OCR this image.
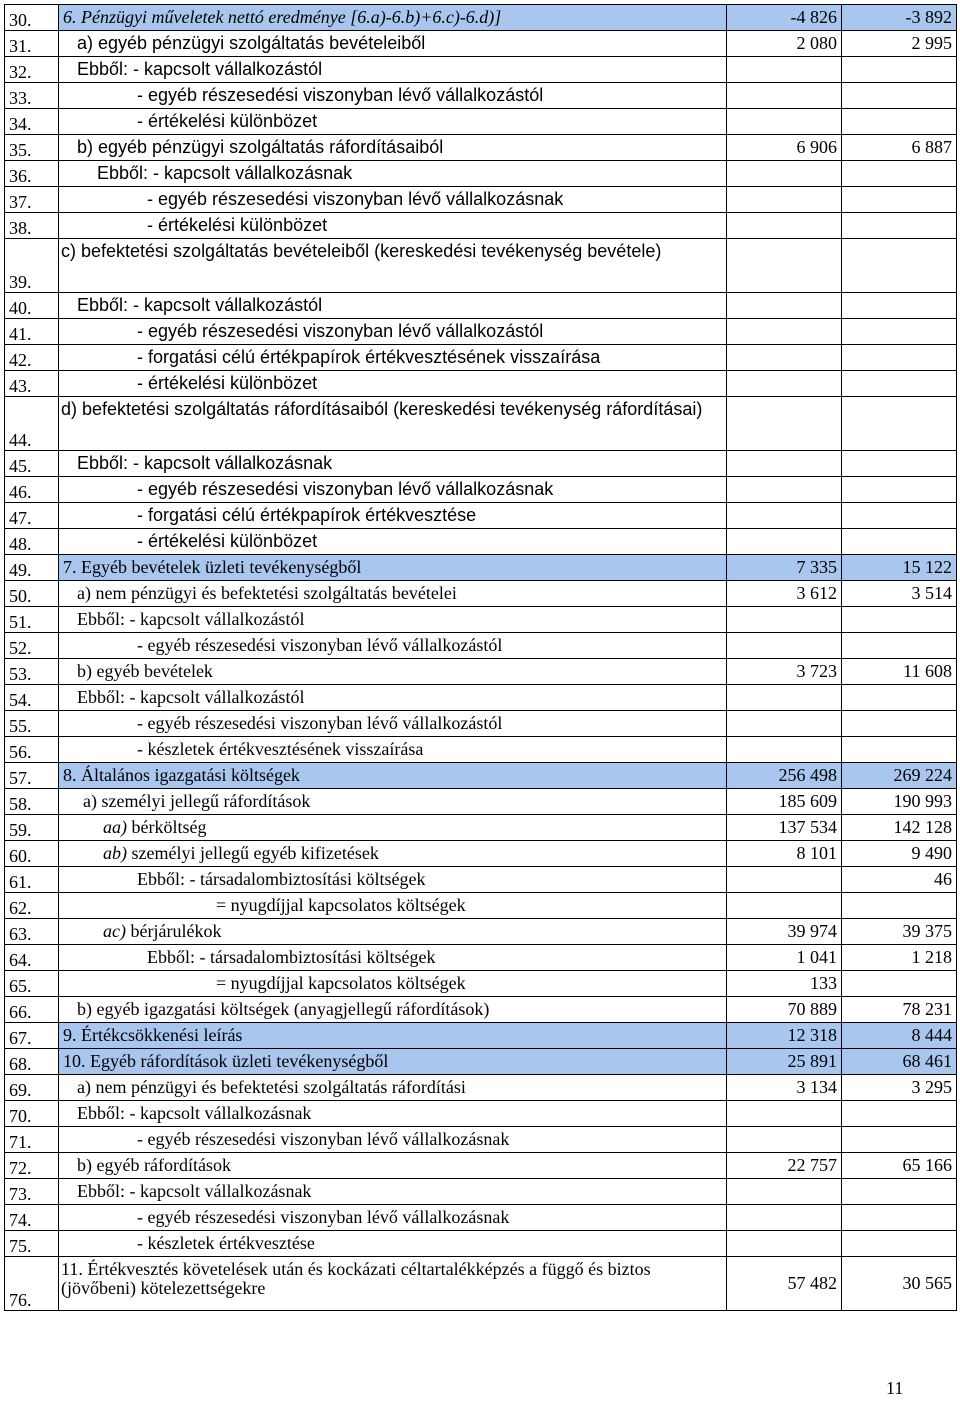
30.	6. Pénzügyi műveletek nettó eredménye [6.a)-6.b)+6.c)-6.d)]	-4 826	-3 892
31.	a) egyéb pénzügyi szolgáltatás bevételeiből	2 080	2 995
32.	Ebből: - kapcsolt vállalkozástól		
33.	- egyéb részesedési viszonyban lévő vállalkozástól		
34.	- értékelési különbözet		
35.	b) egyéb pénzügyi szolgáltatás ráfordításaiból	6 906	6 887
36.	Ebből: - kapcsolt vállalkozásnak		
37.	- egyéb részesedési viszonyban lévő vállalkozásnak		
38.	- értékelési különbözet		
39.	c) befektetési szolgáltatás bevételeiből (kereskedési tevékenység bevétele)		
40.	Ebből: - kapcsolt vállalkozástól		
41.	- egyéb részesedési viszonyban lévő vállalkozástól		
42.	- forgatási célú értékpapírok értékvesztésének visszaírása		
43.	- értékelési különbözet		
44.	d) befektetési szolgáltatás ráfordításaiból (kereskedési tevékenység ráfordításai)		
45.	Ebből: - kapcsolt vállalkozásnak		
46.	- egyéb részesedési viszonyban lévő vállalkozásnak		
47.	- forgatási célú értékpapírok értékvesztése		
48.	- értékelési különbözet		
49.	7. Egyéb bevételek üzleti tevékenységből	7 335	15 122
50.	a) nem pénzügyi és befektetési szolgáltatás bevételei	3 612	3 514
51.	Ebből: - kapcsolt vállalkozástól		
52.	- egyéb részesedési viszonyban lévő vállalkozástól		
53.	b) egyéb bevételek	3 723	11 608
54.	Ebből: - kapcsolt vállalkozástól		
55.	- egyéb részesedési viszonyban lévő vállalkozástól		
56.	- készletek értékvesztésének visszaírása		
57.	8. Általános igazgatási költségek	256 498	269 224
58.	a) személyi jellegű ráfordítások	185 609	190 993
59.	aa) bérköltség	137 534	142 128
60.	ab) személyi jellegű egyéb kifizetések	8 101	9 490
61.	Ebből: - társadalombiztosítási költségek		46
62.	= nyugdíjjal kapcsolatos költségek		
63.	ac) bérjárulékok	39 974	39 375
64.	Ebből: - társadalombiztosítási költségek	1 041	1 218
65.	= nyugdíjjal kapcsolatos költségek	133	
66.	b) egyéb igazgatási költségek (anyagjellegű ráfordítások)	70 889	78 231
67.	9. Értékcsökkenési leírás	12 318	8 444
68.	10. Egyéb ráfordítások üzleti tevékenységből	25 891	68 461
69.	a) nem pénzügyi és befektetési szolgáltatás ráfordítási	3 134	3 295
70.	Ebből: - kapcsolt vállalkozásnak		
71.	- egyéb részesedési viszonyban lévő vállalkozásnak		
72.	b) egyéb ráfordítások	22 757	65 166
73.	Ebből: - kapcsolt vállalkozásnak		
74.	- egyéb részesedési viszonyban lévő vállalkozásnak		
75.	- készletek értékvesztése		
76.	11. Értékvesztés követelések után és kockázati céltartalékképzés a függő és biztos (jövőbeni) kötelezettségekre	57 482	30 565
11
